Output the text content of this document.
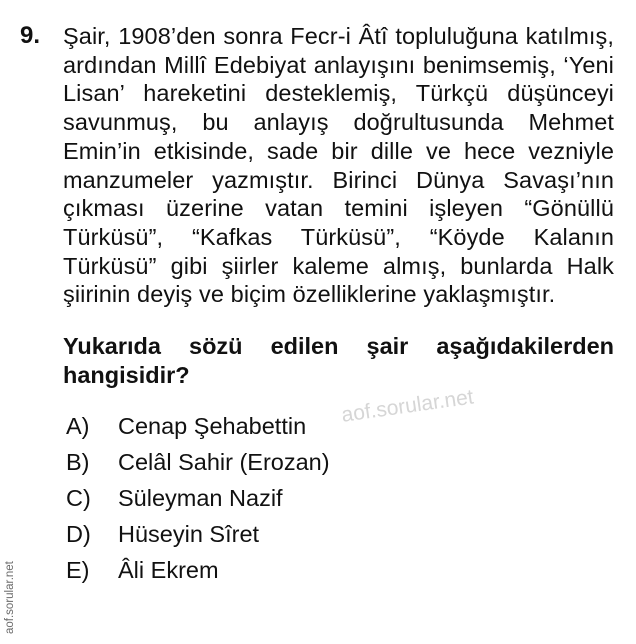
9. Şair, 1908’den sonra Fecr-i Âtî topluluğuna katılmış, ardından Millî Edebiyat anlayışını benimsemiş, ‘Yeni Lisan’ hareketini desteklemiş, Türkçü düşünceyi savunmuş, bu anlayış doğrultusunda Mehmet Emin’in etkisinde, sade bir dille ve hece vezniyle manzumeler yazmıştır. Birinci Dünya Savaşı’nın çıkması üzerine vatan temini işleyen “Gönüllü Türküsü”, “Kafkas Türküsü”, “Köyde Kalanın Türküsü” gibi şiirler kaleme almış, bunlarda Halk şiirinin deyiş ve biçim özelliklerine yaklaşmıştır.

Yukarıda sözü edilen şair aşağıdakilerden hangisidir?

A)	Cenap Şehabettin
B)	Celâl Sahir (Erozan)
C)	Süleyman Nazif
D)	Hüseyin Sîret
E)	Âli Ekrem
aof.sorular.net
aof.sorular.net
